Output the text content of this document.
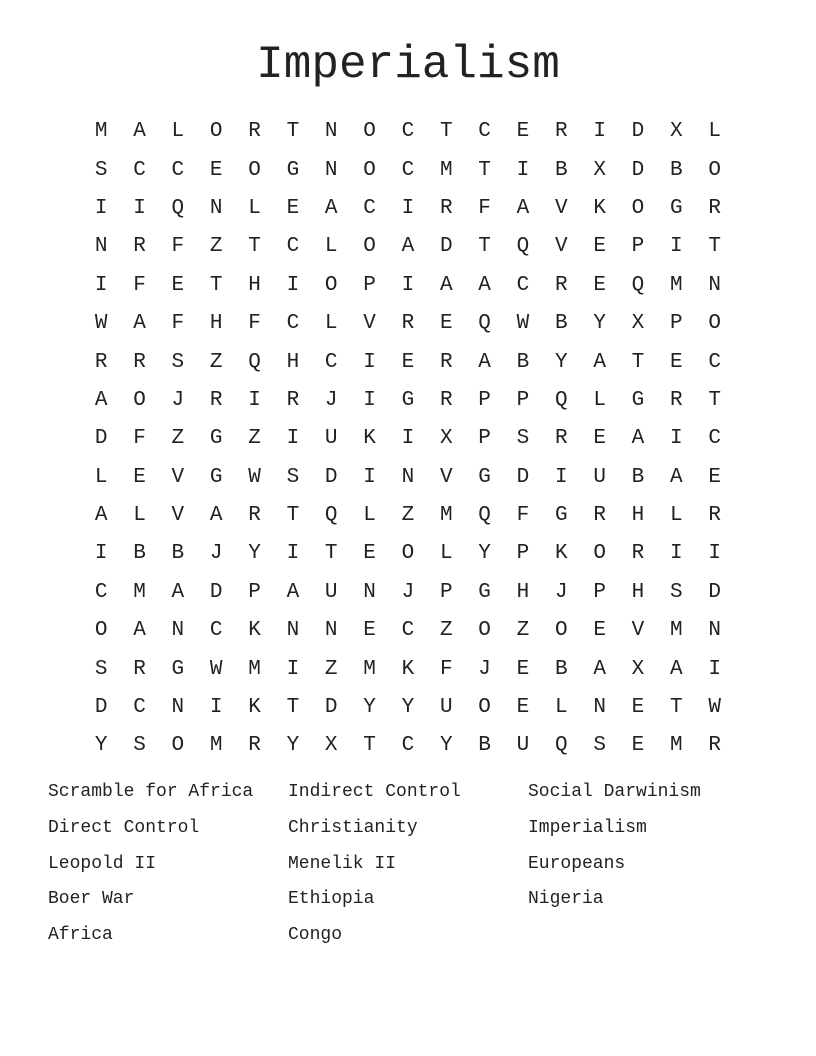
Imperialism
M	A	L	O	R	T	N	O	C	T	C	E	R	I	D	X	L
S	C	C	E	O	G	N	O	C	M	T	I	B	X	D	B	O
I	I	Q	N	L	E	A	C	I	R	F	A	V	K	O	G	R
N	R	F	Z	T	C	L	O	A	D	T	Q	V	E	P	I	T
I	F	E	T	H	I	O	P	I	A	A	C	R	E	Q	M	N
W	A	F	H	F	C	L	V	R	E	Q	W	B	Y	X	P	O
R	R	S	Z	Q	H	C	I	E	R	A	B	Y	A	T	E	C
A	O	J	R	I	R	J	I	G	R	P	P	Q	L	G	R	T
D	F	Z	G	Z	I	U	K	I	X	P	S	R	E	A	I	C
L	E	V	G	W	S	D	I	N	V	G	D	I	U	B	A	E
A	L	V	A	R	T	Q	L	Z	M	Q	F	G	R	H	L	R
I	B	B	J	Y	I	T	E	O	L	Y	P	K	O	R	I	I
C	M	A	D	P	A	U	N	J	P	G	H	J	P	H	S	D
O	A	N	C	K	N	N	E	C	Z	O	Z	O	E	V	M	N
S	R	G	W	M	I	Z	M	K	F	J	E	B	A	X	A	I
D	C	N	I	K	T	D	Y	Y	U	O	E	L	N	E	T	W
Y	S	O	M	R	Y	X	T	C	Y	B	U	Q	S	E	M	R
Scramble for Africa	Indirect Control	Social Darwinism
Direct Control	Christianity	Imperialism
Leopold II	Menelik II	Europeans
Boer War	Ethiopia	Nigeria
Africa	Congo
